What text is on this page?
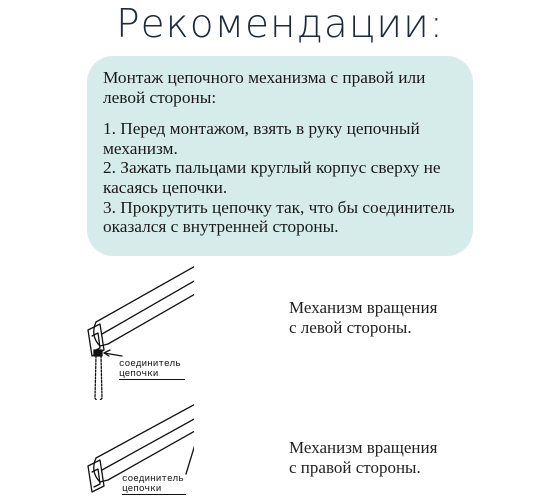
Рекомендации:

Монтаж цепочного механизма с правой или левой стороны:

1. Перед монтажом, взять в руку цепочный механизм.

2. Зажать пальцами круглый корпус сверху не касаясь цепочки.

3. Прокрутить цепочку так, что бы соединитель оказался с внутренней стороны.

соединитель
цепочки
соединитель
цепочки
Механизм вращения
с левой стороны.
Механизм вращения
с правой стороны.
